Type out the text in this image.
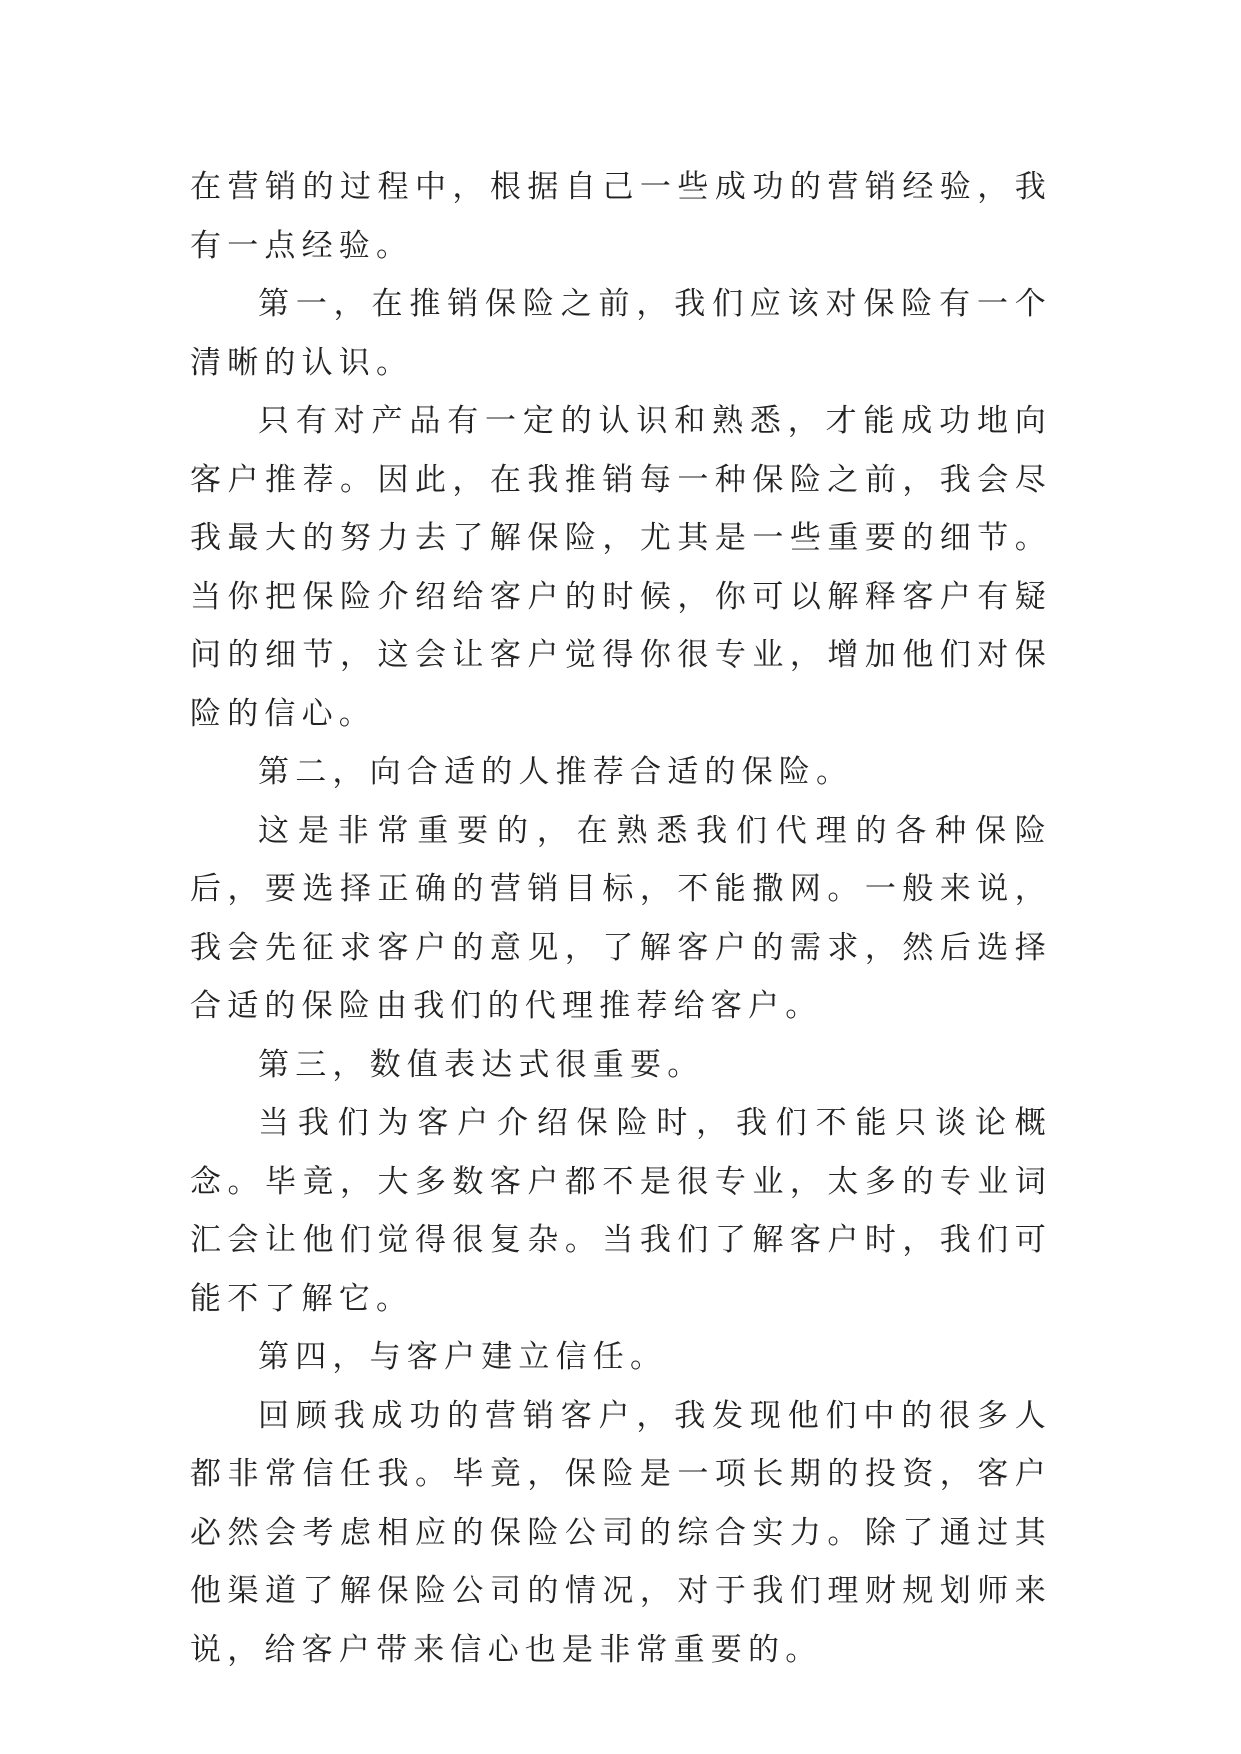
在营销的过程中，根据自己一些成功的营销经验，我有一点经验。

第一，在推销保险之前，我们应该对保险有一个清晰的认识。

只有对产品有一定的认识和熟悉，才能成功地向客户推荐。因此，在我推销每一种保险之前，我会尽我最大的努力去了解保险，尤其是一些重要的细节。当你把保险介绍给客户的时候，你可以解释客户有疑问的细节，这会让客户觉得你很专业，增加他们对保险的信心。

第二，向合适的人推荐合适的保险。

这是非常重要的，在熟悉我们代理的各种保险后，要选择正确的营销目标，不能撒网。一般来说，我会先征求客户的意见，了解客户的需求，然后选择合适的保险由我们的代理推荐给客户。

第三，数值表达式很重要。

当我们为客户介绍保险时，我们不能只谈论概念。毕竟，大多数客户都不是很专业，太多的专业词汇会让他们觉得很复杂。当我们了解客户时，我们可能不了解它。

第四，与客户建立信任。

回顾我成功的营销客户，我发现他们中的很多人都非常信任我。毕竟，保险是一项长期的投资，客户必然会考虑相应的保险公司的综合实力。除了通过其他渠道了解保险公司的情况，对于我们理财规划师来说，给客户带来信心也是非常重要的。
